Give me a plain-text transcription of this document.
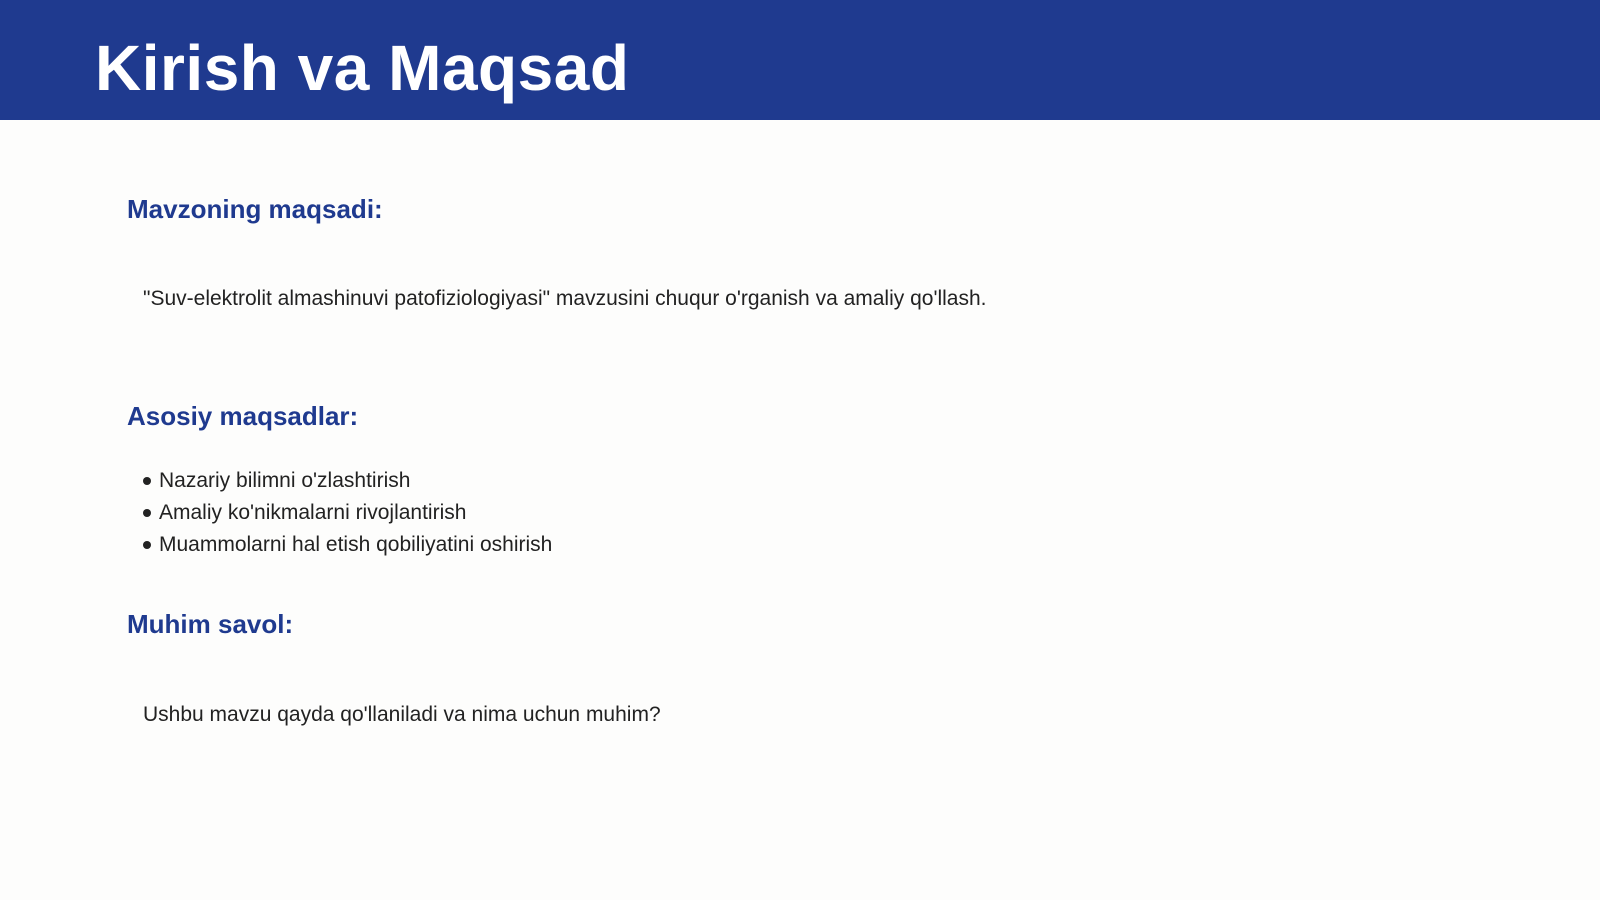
Kirish va Maqsad
Mavzoning maqsadi:

"Suv-elektrolit almashinuvi patofiziologiyasi" mavzusini chuqur o'rganish va amaliy qo'llash.

Asosiy maqsadlar:
Nazariy bilimni o'zlashtirish
Amaliy ko'nikmalarni rivojlantirish
Muammolarni hal etish qobiliyatini oshirish
Muhim savol:

Ushbu mavzu qayda qo'llaniladi va nima uchun muhim?
